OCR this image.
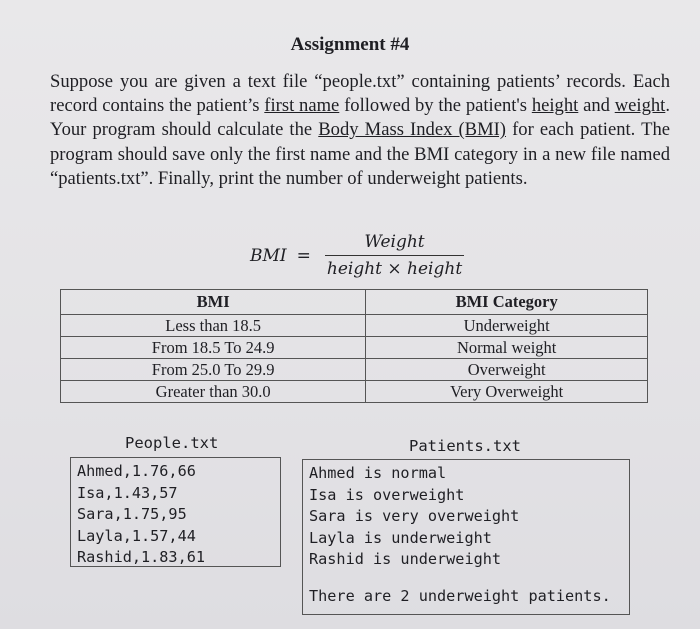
Assignment #4
Suppose you are given a text file “people.txt” containing patients’ records. Each record contains the patient’s first name followed by the patient's height and weight. Your program should calculate the Body Mass Index (BMI) for each patient. The program should save only the first name and the BMI category in a new file named “patients.txt”. Finally, print the number of underweight patients.
BMI = $\frac{\text{Weight}}{\text{height × height}}$
BMI	BMI Category
Less than 18.5	Underweight
From 18.5 To 24.9	Normal weight
From 25.0 To 29.9	Overweight
Greater than 30.0	Very Overweight
People.txt
Ahmed,1.76,66
Isa,1.43,57
Sara,1.75,95
Layla,1.57,44
Rashid,1.83,61
Patients.txt
Ahmed is normal
Isa is overweight
Sara is very overweight
Layla is underweight
Rashid is underweight
There are 2 underweight patients.
